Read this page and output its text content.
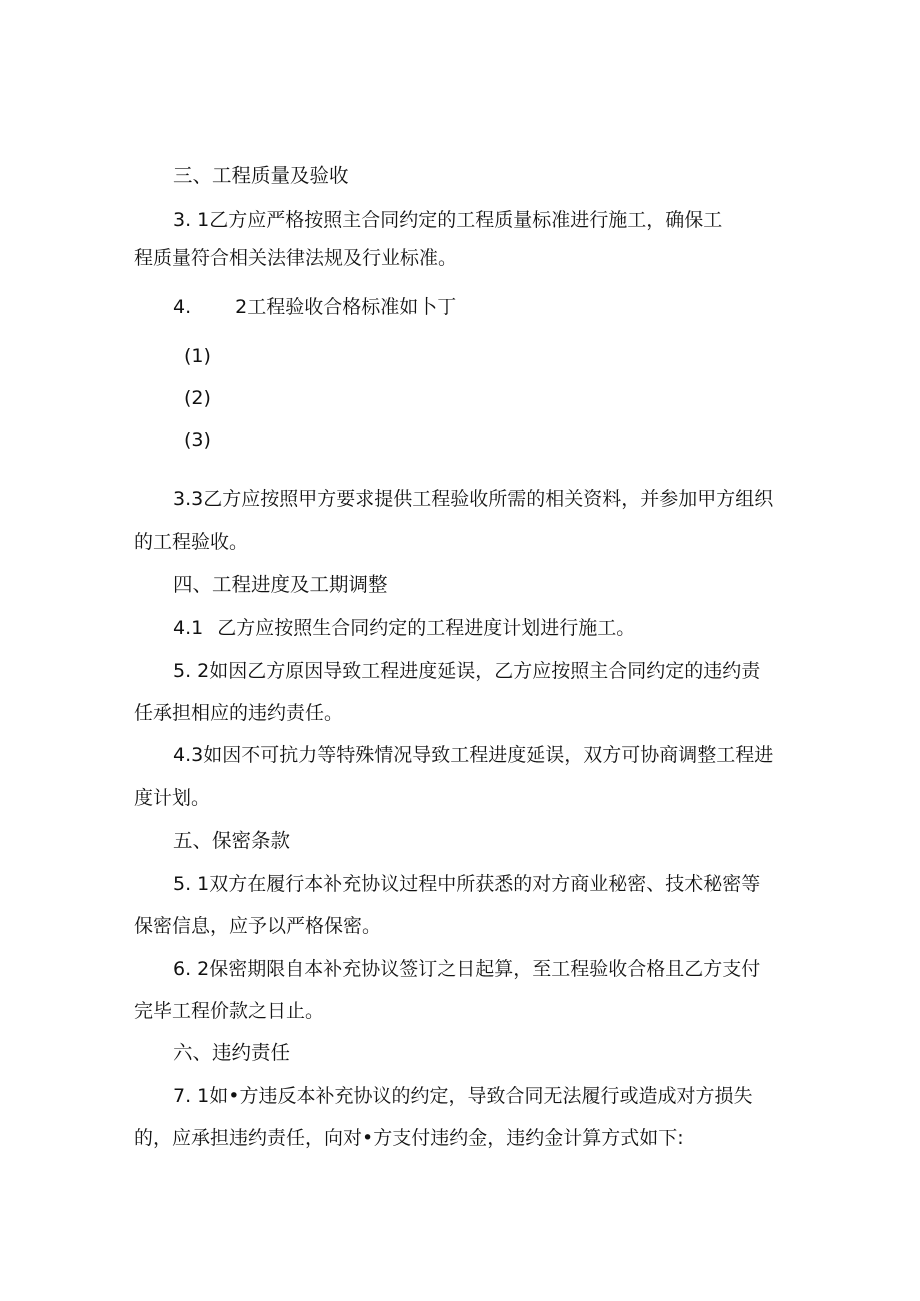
三、工程质量及验收

3. 1乙方应严格按照主合同约定的工程质量标准进行施工，确保工

程质量符合相关法律法规及行业标准。

4. 2工程验收合格标准如卜丁

(1)

(2)

(3)

3.3乙方应按照甲方要求提供工程验收所需的相关资料，并参加甲方组织

的工程验收。

四、工程进度及工期调整

4.1 乙方应按照生合同约定的工程进度计划进行施工。

5. 2如因乙方原因导致工程进度延误，乙方应按照主合同约定的违约责

任承担相应的违约责任。

4.3如因不可抗力等特殊情况导致工程进度延误，双方可协商调整工程进

度计划。

五、保密条款

5. 1双方在履行本补充协议过程中所获悉的对方商业秘密、技术秘密等

保密信息，应予以严格保密。

6. 2保密期限自本补充协议签订之日起算，至工程验收合格且乙方支付

完毕工程价款之日止。

六、违约责任

7. 1如•方违反本补充协议的约定，导致合同无法履行或造成对方损失

的，应承担违约责任，向对•方支付违约金，违约金计算方式如下:
